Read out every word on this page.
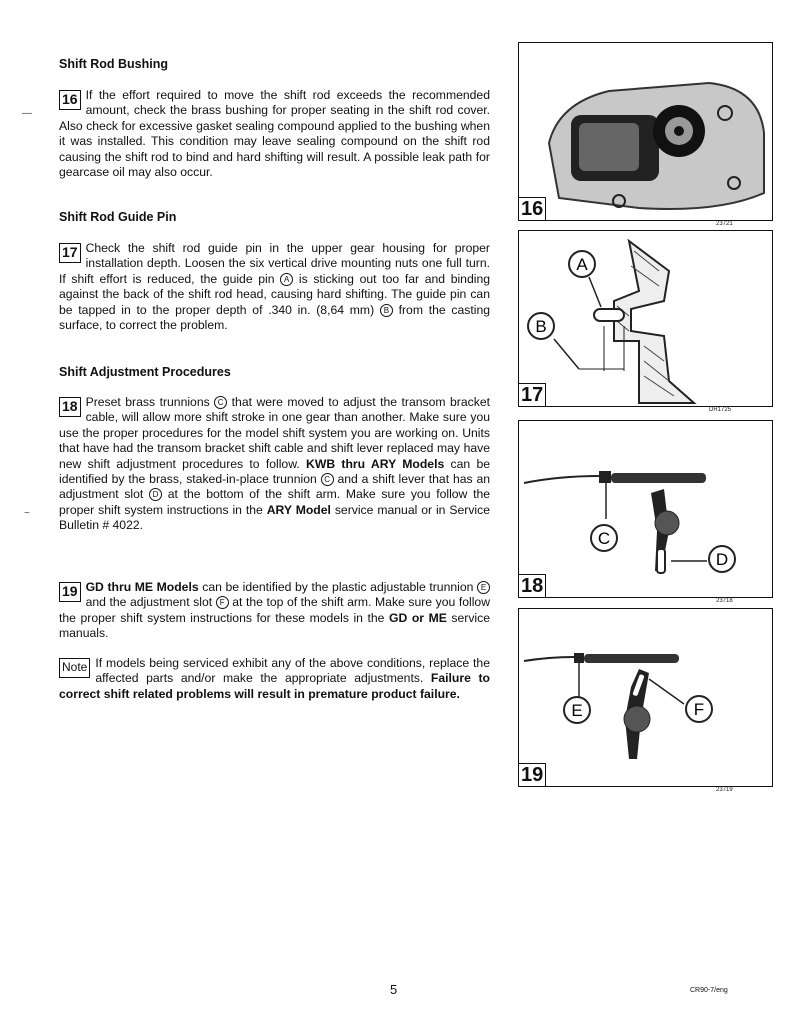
Shift Rod Bushing

16 If the effort required to move the shift rod exceeds the recommended amount, check the brass bushing for proper seating in the shift rod cover. Also check for excessive gasket sealing compound applied to the bushing when it was installed. This condition may leave sealing compound on the shift rod causing the shift rod to bind and hard shifting will result. A possible leak path for gearcase oil may also occur.

Shift Rod Guide Pin

17 Check the shift rod guide pin in the upper gear housing for proper installation depth. Loosen the six vertical drive mounting nuts one full turn. If shift effort is reduced, the guide pin A is sticking out too far and binding against the back of the shift rod head, causing hard shifting. The guide pin can be tapped in to the proper depth of .340 in. (8,64 mm) B from the casting surface, to correct the problem.

Shift Adjustment Procedures

18 Preset brass trunnions C that were moved to adjust the transom bracket cable, will allow more shift stroke in one gear than another. Make sure you use the proper procedures for the model shift system you are working on. Units that have had the transom bracket shift cable and shift lever replaced may have new shift adjustment procedures to follow. KWB thru ARY Models can be identified by the brass, staked-in-place trunnion C and a shift lever that has an adjustment slot D at the bottom of the shift arm. Make sure you follow the proper shift system instructions in the ARY Model service manual or in Service Bulletin # 4022.

19 GD thru ME Models can be identified by the plastic adjustable trunnion E and the adjustment slot F at the top of the shift arm. Make sure you follow the proper shift system instructions for these models in the GD or ME service manuals.

Note If models being serviced exhibit any of the above conditions, replace the affected parts and/or make the appropriate adjustments. Failure to correct shift related problems will result in premature product failure.

—
~
16
23721
A
B
17
DR1725
C
D
18
23718
E	F
19
23719
5	CR90-7/eng
